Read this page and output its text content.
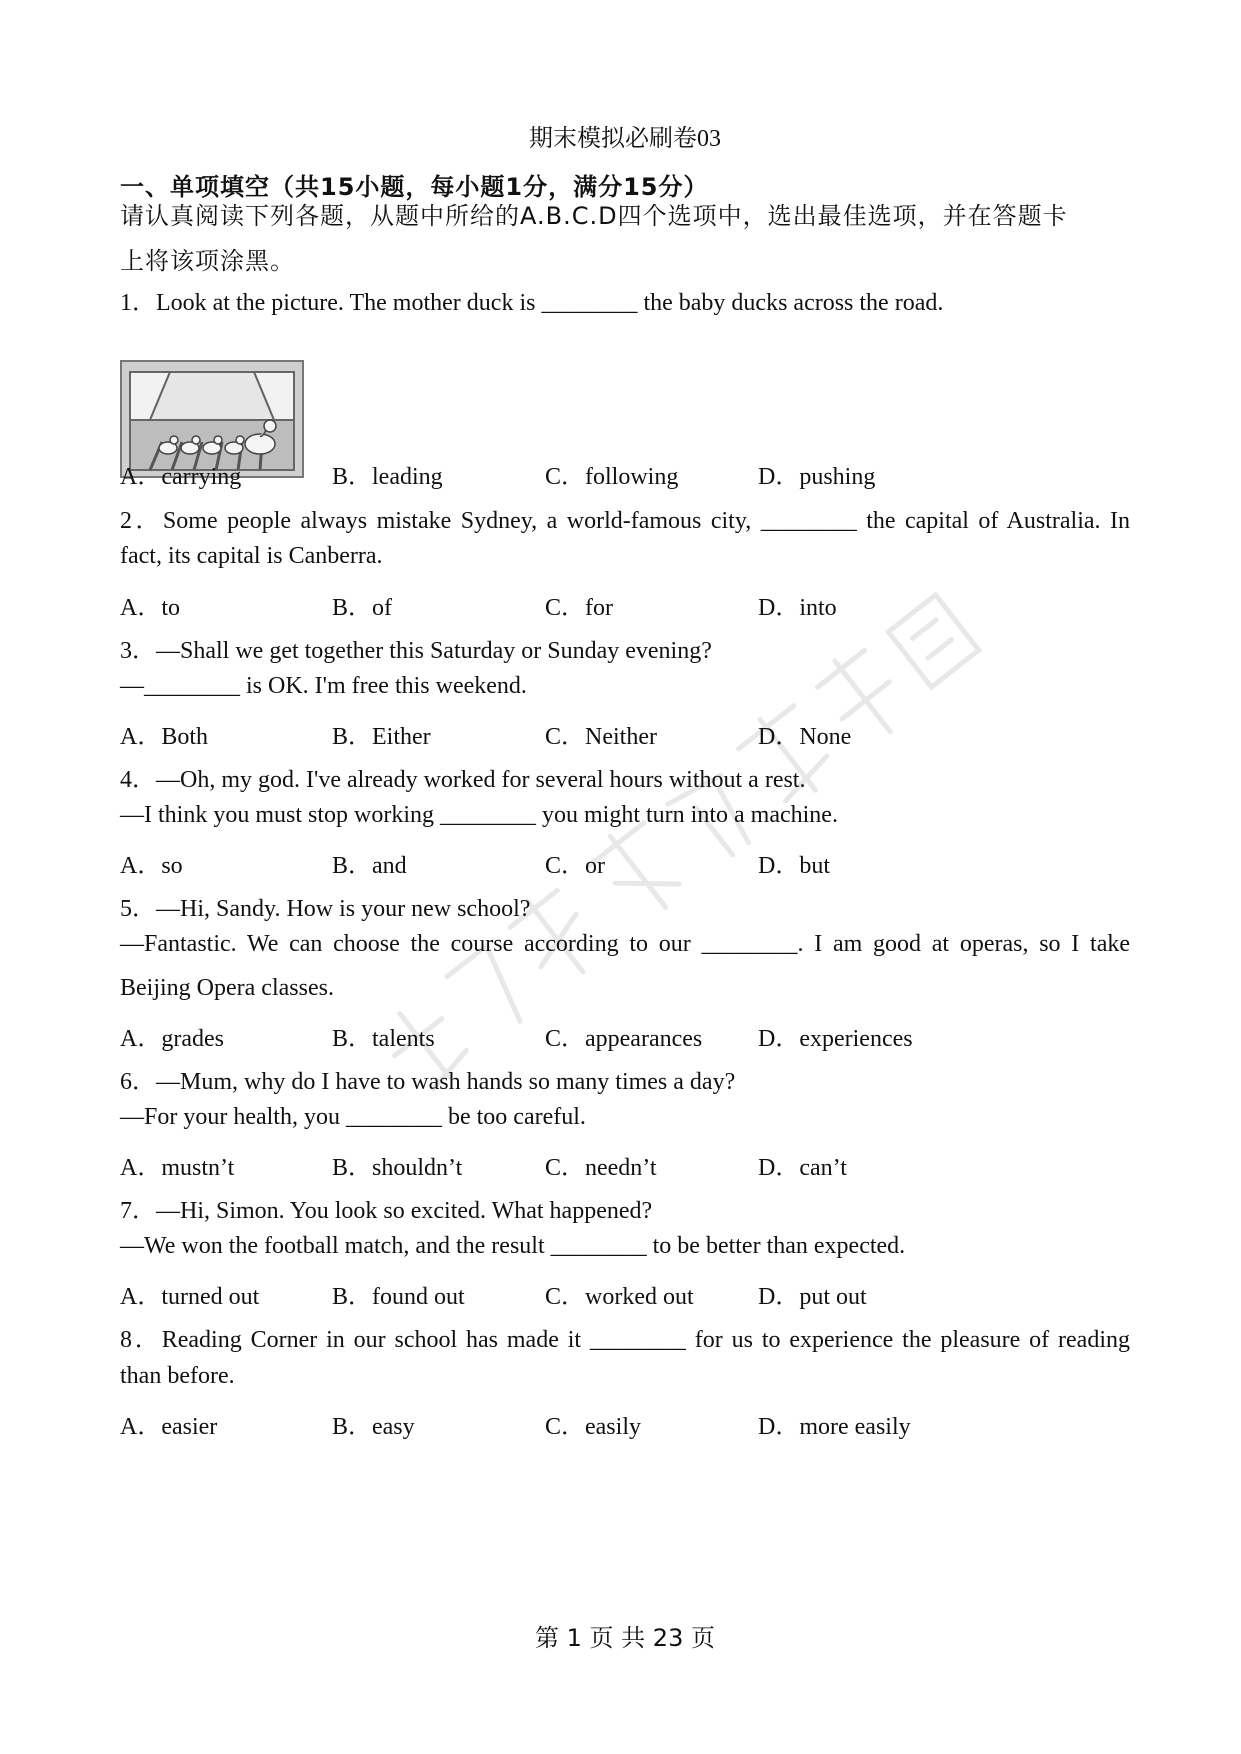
期末模拟必刷卷03
一、单项填空（共15小题，每小题1分，满分15分）
请认真阅读下列各题，从题中所给的A.B.C.D四个选项中，选出最佳选项，并在答题卡
上将该项涂黑。
1．Look at the picture. The mother duck is ________ the baby ducks across the road.
A．carrying	B．leading	C．following	D．pushing
2．Some people always mistake Sydney, a world-famous city, ________ the capital of Australia. In
fact, its capital is Canberra.
A．to	B．of	C．for	D．into
3．—Shall we get together this Saturday or Sunday evening?
—________ is OK. I'm free this weekend.
A．Both	B．Either	C．Neither	D．None
4．—Oh, my god. I've already worked for several hours without a rest.
—I think you must stop working ________ you might turn into a machine.
A．so	B．and	C．or	D．but
5．—Hi, Sandy. How is your new school?
—Fantastic. We can choose the course according to our ________. I am good at operas, so I take
Beijing Opera classes.
A．grades	B．talents	C．appearances D．experiences
6．—Mum, why do I have to wash hands so many times a day?
—For your health, you ________ be too careful.
A．mustn’t	B．shouldn’t	C．needn’t	D．can’t
7．—Hi, Simon. You look so excited. What happened?
—We won the football match, and the result ________ to be better than expected.
A．turned out	B．found out	C．worked out	D．put out
8．Reading Corner in our school has made it ________ for us to experience the pleasure of reading
than before.
A．easier	B．easy	C．easily	D．more easily
第 1 页 共 23 页
